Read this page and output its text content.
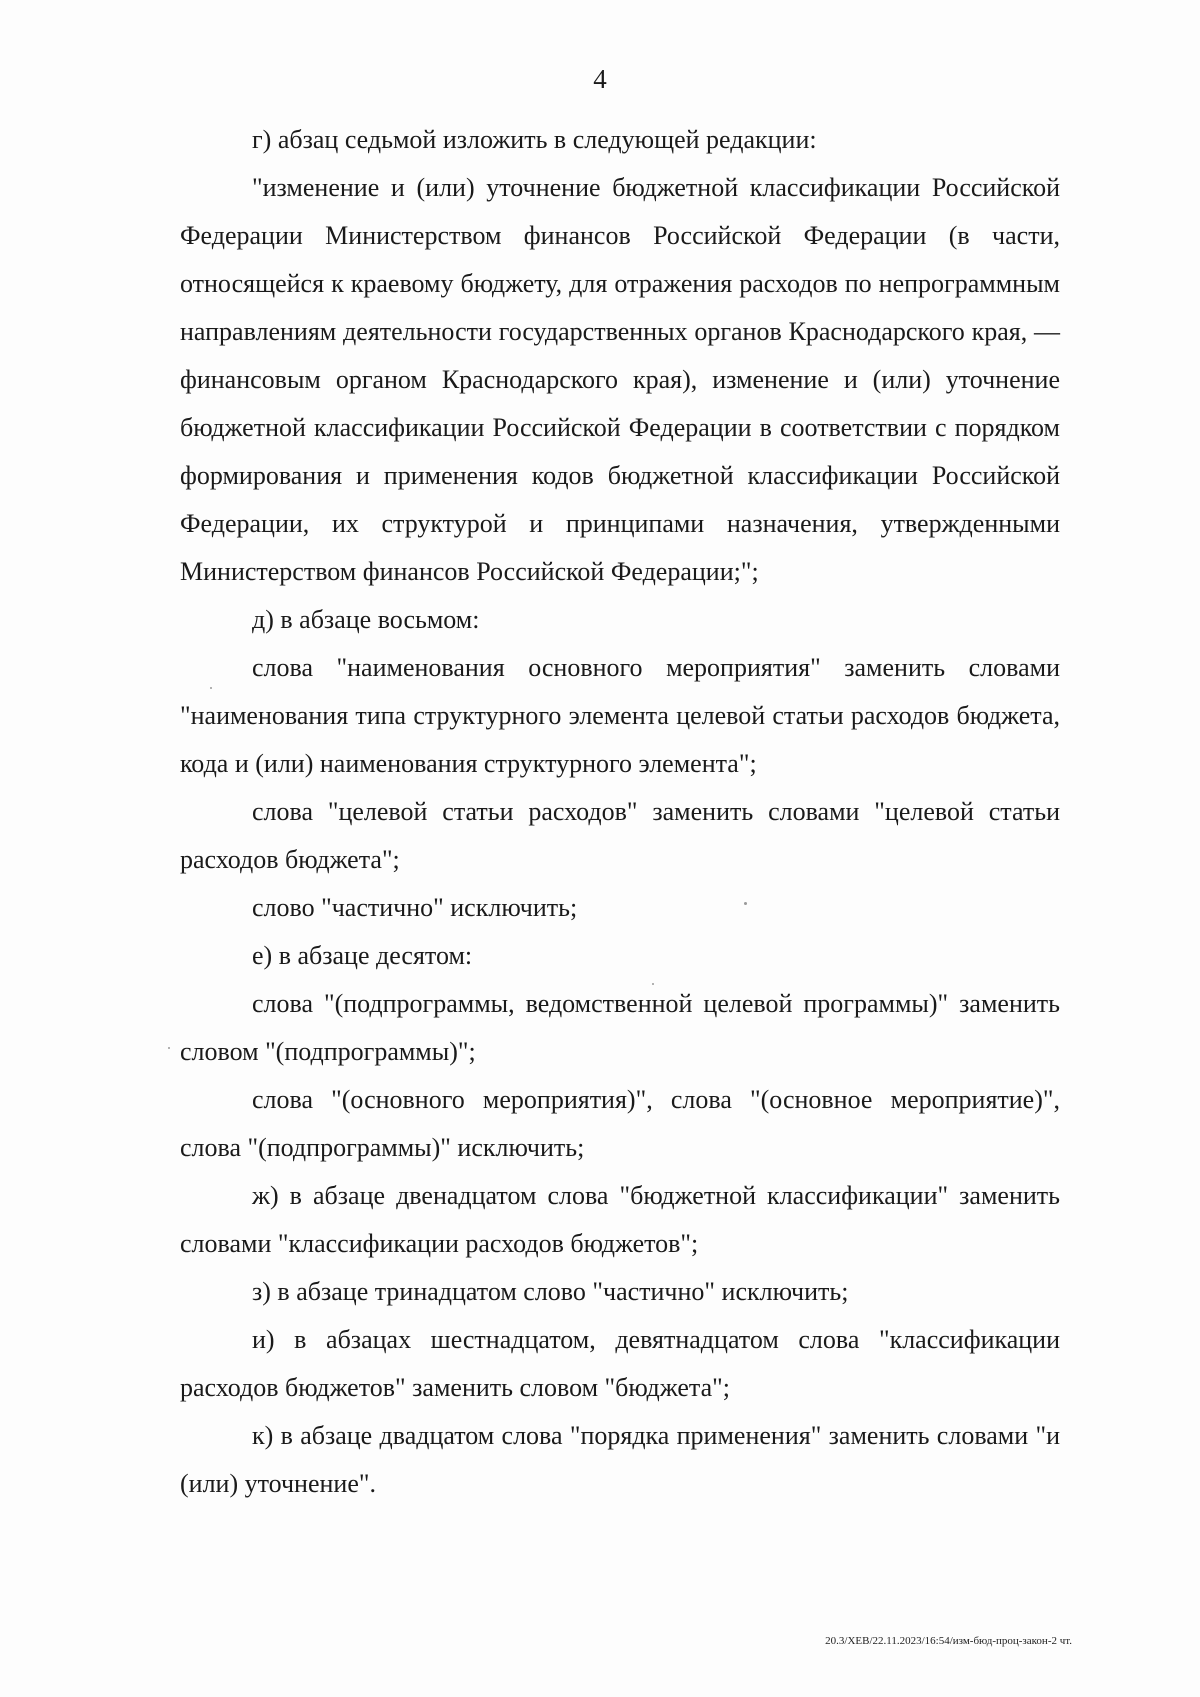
4

г) абзац седьмой изложить в следующей редакции:

"изменение и (или) уточнение бюджетной классификации Российской Федерации Министерством финансов Российской Федерации (в части, относящейся к краевому бюджету, для отражения расходов по непрограммным направлениям деятельности государственных органов Краснодарского края, — финансовым органом Краснодарского края), изменение и (или) уточнение бюджетной классификации Российской Федерации в соответствии с порядком формирования и применения кодов бюджетной классификации Российской Федерации, их структурой и принципами назначения, утвержденными Министерством финансов Российской Федерации;";

д) в абзаце восьмом:

слова "наименования основного мероприятия" заменить словами "наименования типа структурного элемента целевой статьи расходов бюджета, кода и (или) наименования структурного элемента";

слова "целевой статьи расходов" заменить словами "целевой статьи расходов бюджета";

слово "частично" исключить;

е) в абзаце десятом:

слова "(подпрограммы, ведомственной целевой программы)" заменить словом "(подпрограммы)";

слова "(основного мероприятия)", слова "(основное мероприятие)", слова "(подпрограммы)" исключить;

ж) в абзаце двенадцатом слова "бюджетной классификации" заменить словами "классификации расходов бюджетов";

з) в абзаце тринадцатом слово "частично" исключить;

и) в абзацах шестнадцатом, девятнадцатом слова "классификации расходов бюджетов" заменить словом "бюджета";

к) в абзаце двадцатом слова "порядка применения" заменить словами "и (или) уточнение".

20.3/ХЕВ/22.11.2023/16:54/изм-бюд-проц-закон-2 чт.
